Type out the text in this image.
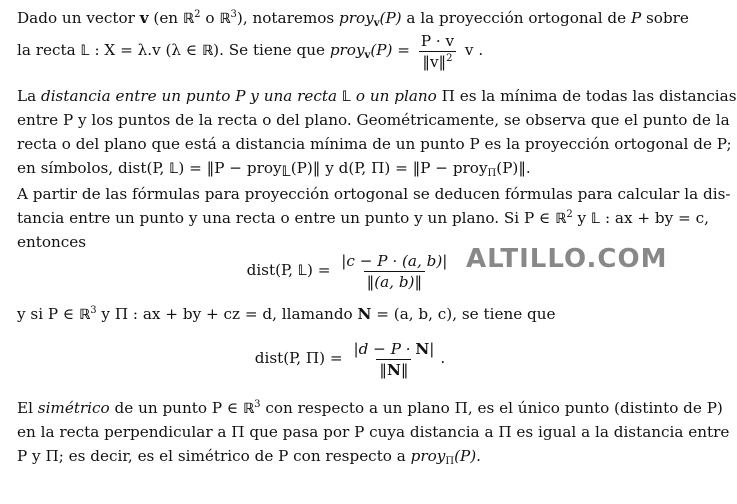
Dado un vector v (en ℝ$^2$ o ℝ$^3$), notaremos proy$_v$(P) a la proyección ortogonal de P sobre
la recta 𝕃 : X = λ.v (λ ∈ ℝ). Se tiene que proy$_v$(P) = $\frac{P \cdot v}{‖v‖^2}$ v .
La distancia entre un punto P y una recta 𝕃 o un plano Π es la mínima de todas las distancias
entre P y los puntos de la recta o del plano. Geométricamente, se observa que el punto de la
recta o del plano que está a distancia mínima de un punto P es la proyección ortogonal de P;
en símbolos, dist(P, 𝕃) = ‖P − proy$_𝕃$(P)‖ y d(P, Π) = ‖P − proy$_\Pi$(P)‖.
A partir de las fórmulas para proyección ortogonal se deducen fórmulas para calcular la dis-
tancia entre un punto y una recta o entre un punto y un plano. Si P ∈ ℝ$^2$ y 𝕃 : ax + by = c,
entonces
dist(P, 𝕃) = $\frac{|c - P \cdot (a, b)|}{‖(a, b)‖}$ ALTILLO.COM
y si P ∈ ℝ$^3$ y Π : ax + by + cz = d, llamando N = (a, b, c), se tiene que
dist(P, $\Pi) = \frac{|d - P \cdot N|}{‖N‖}$ .
El simétrico de un punto P ∈ ℝ$^3$ con respecto a un plano Π, es el único punto (distinto de P)
en la recta perpendicular a Π que pasa por P cuya distancia a Π es igual a la distancia entre
P y Π; es decir, es el simétrico de P con respecto a proy$_\Pi$(P).
